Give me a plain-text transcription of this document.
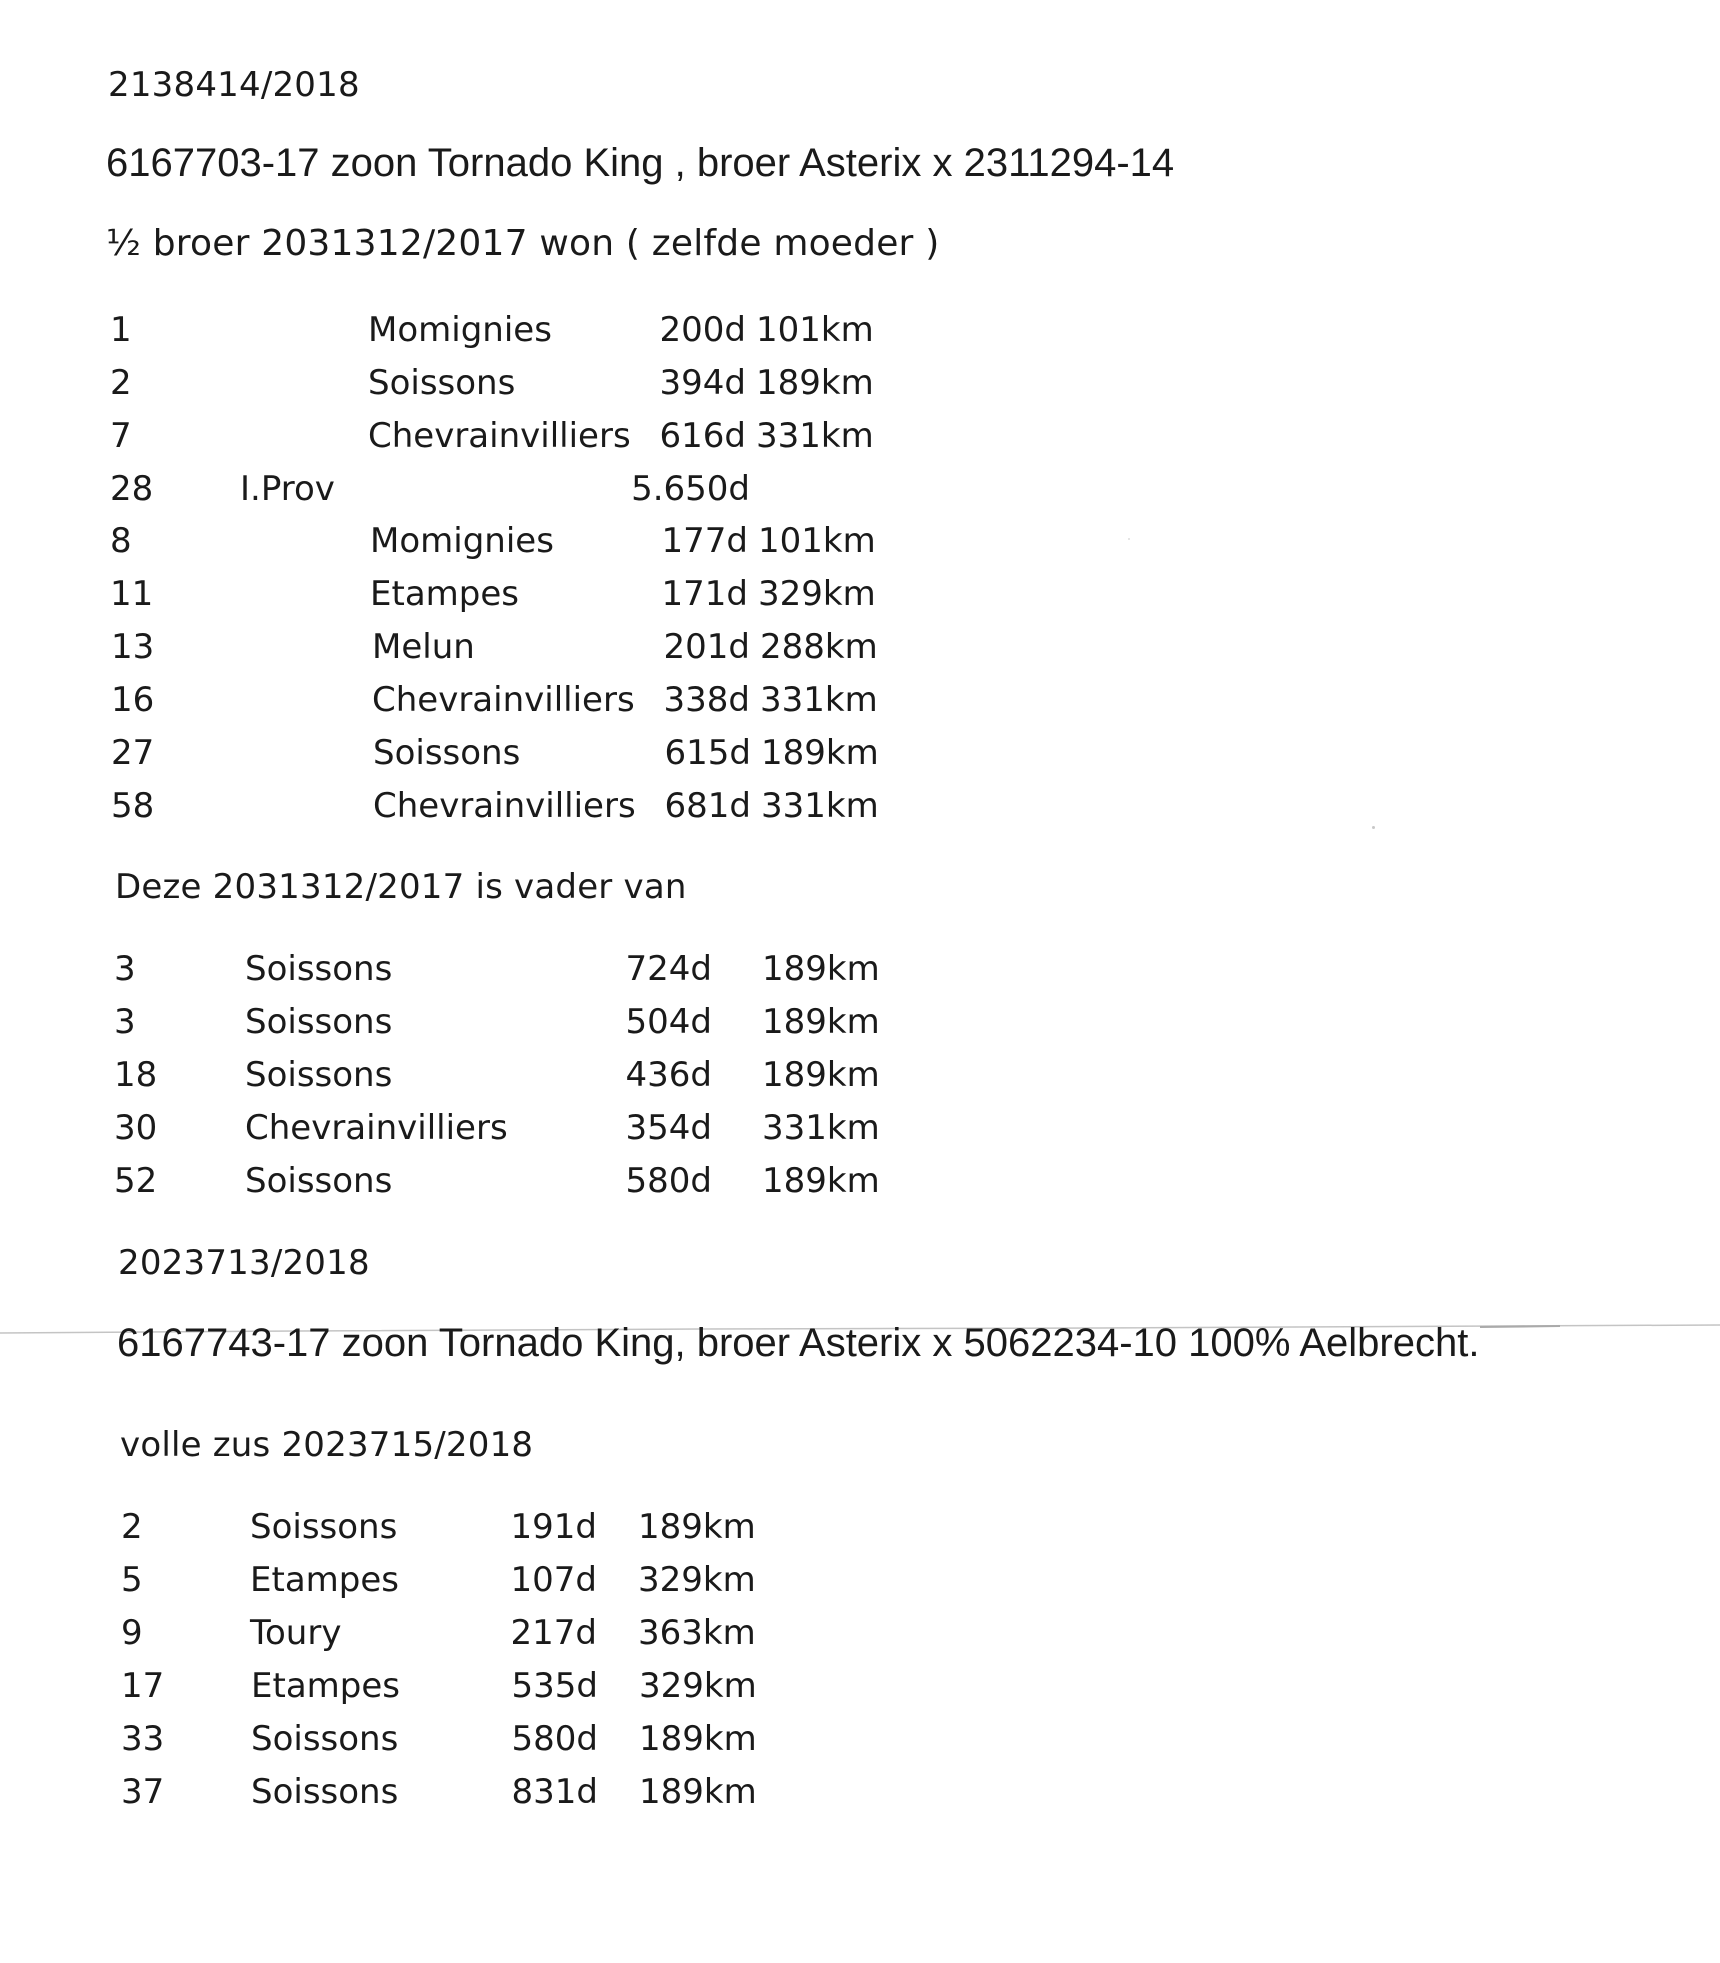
2138414/2018
6167703-17 zoon Tornado King , broer Asterix x 2311294-14
½ broer 2031312/2017 won ( zelfde moeder )
1	Momignies	200d 101km
2	Soissons	394d 189km
7	Chevrainvilliers 616d 331km
28	I.Prov	5.650d
8	Momignies	177d 101km
11	Etampes	171d 329km
13	Melun	201d 288km
16	Chevrainvilliers 338d 331km
27	Soissons	615d 189km
58	Chevrainvilliers 681d 331km
Deze 2031312/2017 is vader van
3	Soissons	724d 189km
3	Soissons	504d 189km
18	Soissons	436d 189km
30	Chevrainvilliers	354d 331km
52	Soissons	580d 189km
2023713/2018
6167743-17 zoon Tornado King, broer Asterix x 5062234-10 100% Aelbrecht.
volle zus 2023715/2018
2	Soissons	191d 189km
5	Etampes	107d 329km
9	Toury	217d 363km
17	Etampes	535d 329km
33	Soissons	580d 189km
37	Soissons	831d 189km
